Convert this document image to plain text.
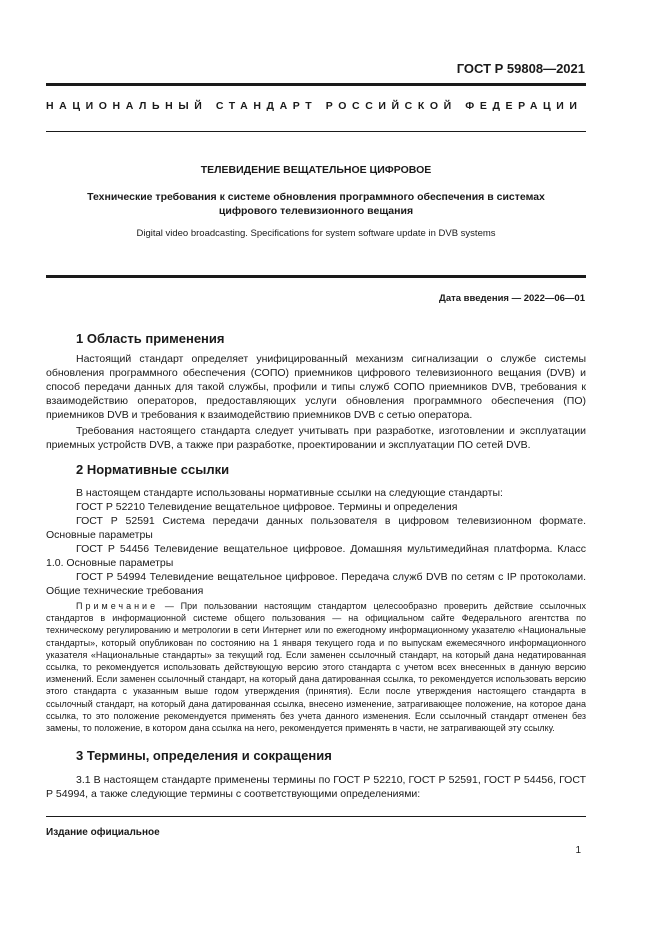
ГОСТ Р 59808—2021
НАЦИОНАЛЬНЫЙ СТАНДАРТ РОССИЙСКОЙ ФЕДЕРАЦИИ
ТЕЛЕВИДЕНИЕ ВЕЩАТЕЛЬНОЕ ЦИФРОВОЕ
Технические требования к системе обновления программного обеспечения в системах
цифрового телевизионного вещания
Digital video broadcasting. Specifications for system software update in DVB systems
Дата введения — 2022—06—01
1 Область применения

Настоящий стандарт определяет унифицированный механизм сигнализации о службе системы обновления программного обеспечения (СОПО) приемников цифрового телевизионного вещания (DVB) и способ передачи данных для такой службы, профили и типы служб СОПО приемников DVB, требования к взаимодействию операторов, предоставляющих услуги обновления программного обеспечения (ПО) приемников DVB и требования к взаимодействию приемников DVB с сетью оператора.

Требования настоящего стандарта следует учитывать при разработке, изготовлении и эксплуатации приемных устройств DVB, а также при разработке, проектировании и эксплуатации ПО сетей DVB.

2 Нормативные ссылки

В настоящем стандарте использованы нормативные ссылки на следующие стандарты:

ГОСТ Р 52210 Телевидение вещательное цифровое. Термины и определения

ГОСТ Р 52591 Система передачи данных пользователя в цифровом телевизионном формате. Основные параметры

ГОСТ Р 54456 Телевидение вещательное цифровое. Домашняя мультимедийная платформа. Класс 1.0. Основные параметры

ГОСТ Р 54994 Телевидение вещательное цифровое. Передача служб DVB по сетям с IP протоколами. Общие технические требования

Примечание — При пользовании настоящим стандартом целесообразно проверить действие ссылочных стандартов в информационной системе общего пользования — на официальном сайте Федерального агентства по техническому регулированию и метрологии в сети Интернет или по ежегодному информационному указателю «Национальные стандарты», который опубликован по состоянию на 1 января текущего года и по выпускам ежемесячного информационного указателя «Национальные стандарты» за текущий год. Если заменен ссылочный стандарт, на который дана недатированная ссылка, то рекомендуется использовать действующую версию этого стандарта с учетом всех внесенных в данную версию изменений. Если заменен ссылочный стандарт, на который дана датированная ссылка, то рекомендуется использовать версию этого стандарта с указанным выше годом утверждения (принятия). Если после утверждения настоящего стандарта в ссылочный стандарт, на который дана датированная ссылка, внесено изменение, затрагивающее положение, на которое дана ссылка, то это положение рекомендуется применять без учета данного изменения. Если ссылочный стандарт отменен без замены, то положение, в котором дана ссылка на него, рекомендуется применять в части, не затрагивающей эту ссылку.

3 Термины, определения и сокращения

3.1 В настоящем стандарте применены термины по ГОСТ Р 52210, ГОСТ Р 52591, ГОСТ Р 54456, ГОСТ Р 54994, а также следующие термины с соответствующими определениями:

Издание официальное
1
